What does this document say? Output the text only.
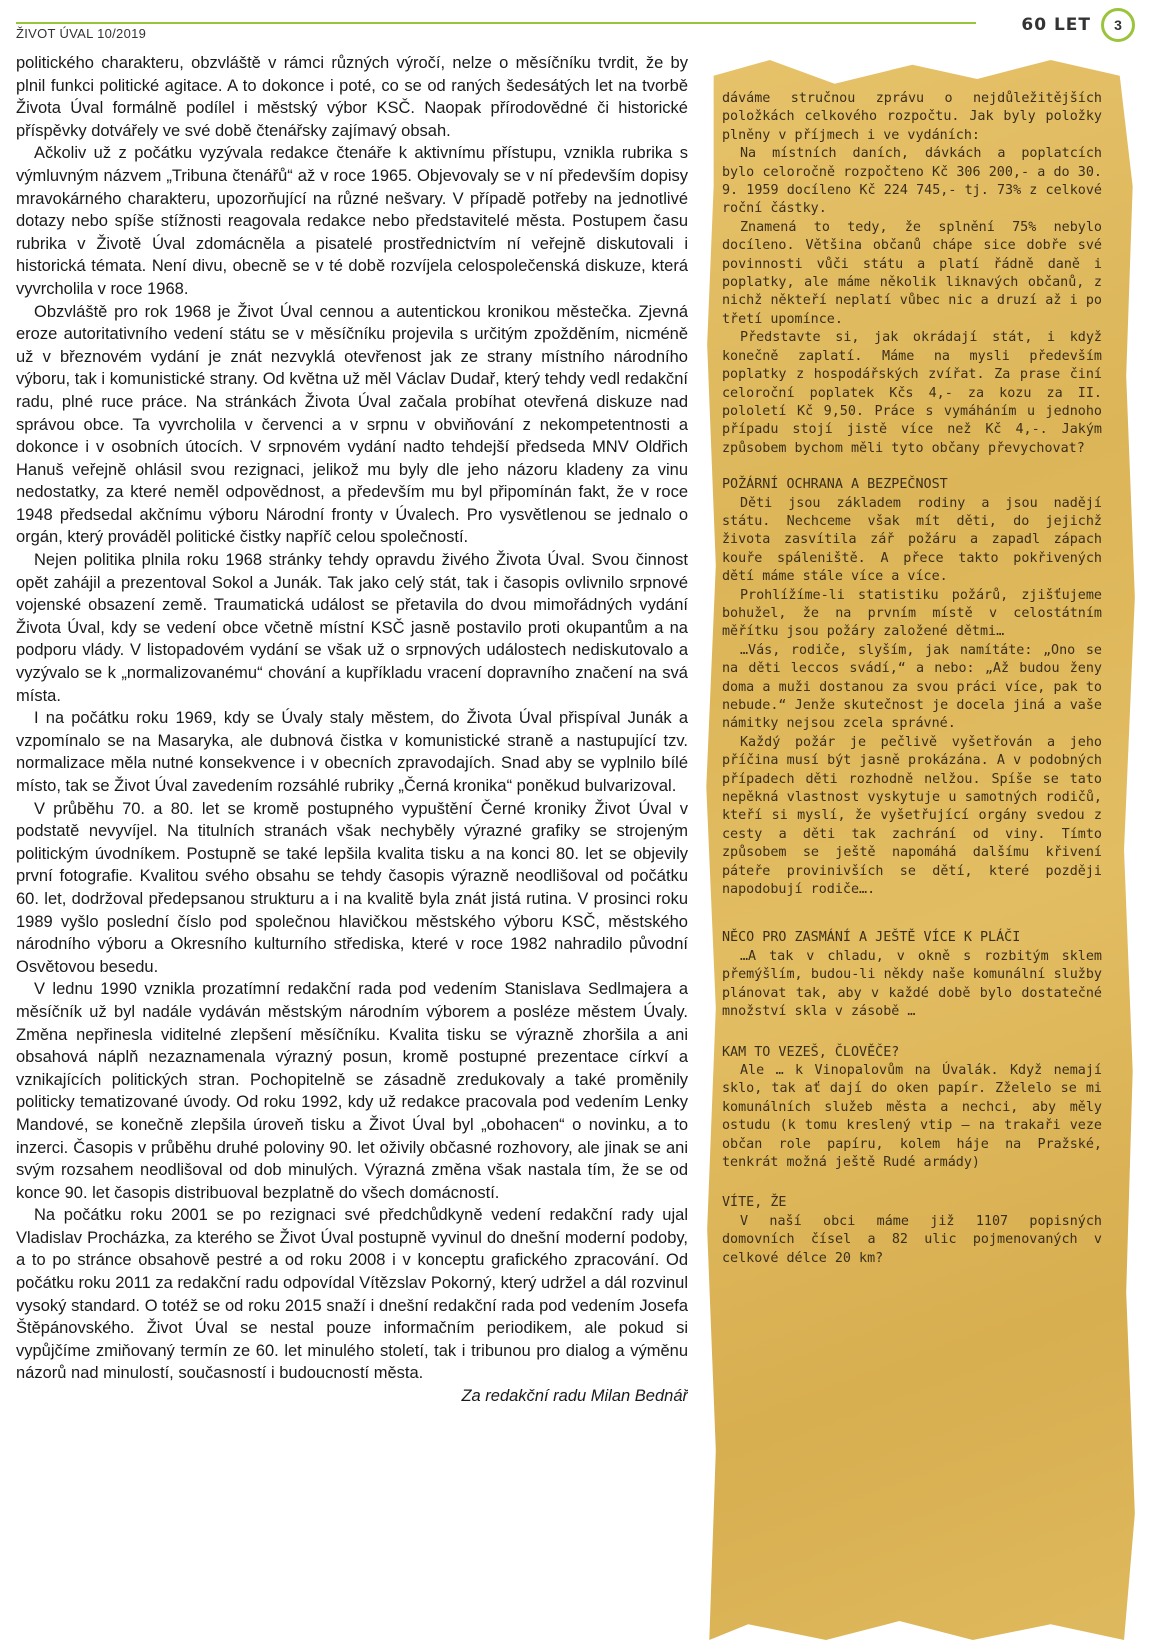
ŽIVOT ÚVAL 10/2019	60 LET	3

politického charakteru, obzvláště v rámci různých výročí, nelze o měsíčníku tvrdit, že by plnil funkci politické agitace. A to dokonce i poté, co se od raných šedesátých let na tvorbě Života Úval formálně podílel i městský výbor KSČ. Naopak přírodovědné či historické příspěvky dotvářely ve své době čtenářsky zajímavý obsah.

Ačkoliv už z počátku vyzývala redakce čtenáře k aktivnímu přístupu, vznikla rubrika s výmluvným názvem „Tribuna čtenářů“ až v roce 1965. Objevovaly se v ní především dopisy mravokárného charakteru, upozorňující na různé nešvary. V případě potřeby na jednotlivé dotazy nebo spíše stížnosti reagovala redakce nebo představitelé města. Postupem času rubrika v Životě Úval zdomácněla a pisatelé prostřednictvím ní veřejně diskutovali i historická témata. Není divu, obecně se v té době rozvíjela celospolečenská diskuze, která vyvrcholila v roce 1968.

Obzvláště pro rok 1968 je Život Úval cennou a autentickou kronikou městečka. Zjevná eroze autoritativního vedení státu se v měsíčníku projevila s určitým zpožděním, nicméně už v březnovém vydání je znát nezvyklá otevřenost jak ze strany místního národního výboru, tak i komunistické strany. Od května už měl Václav Dudař, který tehdy vedl redakční radu, plné ruce práce. Na stránkách Života Úval začala probíhat otevřená diskuze nad správou obce. Ta vyvrcholila v červenci a v srpnu v obviňování z nekompetentnosti a dokonce i v osobních útocích. V srpnovém vydání nadto tehdejší předseda MNV Oldřich Hanuš veřejně ohlásil svou rezignaci, jelikož mu byly dle jeho názoru kladeny za vinu nedostatky, za které neměl odpovědnost, a především mu byl připomínán fakt, že v roce 1948 předsedal akčnímu výboru Národní fronty v Úvalech. Pro vysvětlenou se jednalo o orgán, který prováděl politické čistky napříč celou společností.

Nejen politika plnila roku 1968 stránky tehdy opravdu živého Života Úval. Svou činnost opět zahájil a prezentoval Sokol a Junák. Tak jako celý stát, tak i časopis ovlivnilo srpnové vojenské obsazení země. Traumatická událost se přetavila do dvou mimořádných vydání Života Úval, kdy se vedení obce včetně místní KSČ jasně postavilo proti okupantům a na podporu vlády. V listopadovém vydání se však už o srpnových událostech nediskutovalo a vyzývalo se k „normalizovanému“ chování a kupříkladu vracení dopravního značení na svá místa.

I na počátku roku 1969, kdy se Úvaly staly městem, do Života Úval přispíval Junák a vzpomínalo se na Masaryka, ale dubnová čistka v komunistické straně a nastupující tzv. normalizace měla nutné konsekvence i v obecních zpravodajích. Snad aby se vyplnilo bílé místo, tak se Život Úval zavedením rozsáhlé rubriky „Černá kronika“ poněkud bulvarizoval.

V průběhu 70. a 80. let se kromě postupného vypuštění Černé kroniky Život Úval v podstatě nevyvíjel. Na titulních stranách však nechyběly výrazné grafiky se strojeným politickým úvodníkem. Postupně se také lepšila kvalita tisku a na konci 80. let se objevily první fotografie. Kvalitou svého obsahu se tehdy časopis výrazně neodlišoval od počátku 60. let, dodržoval předepsanou strukturu a i na kvalitě byla znát jistá rutina. V prosinci roku 1989 vyšlo poslední číslo pod společnou hlavičkou městského výboru KSČ, městského národního výboru a Okresního kulturního střediska, které v roce 1982 nahradilo původní Osvětovou besedu.

V lednu 1990 vznikla prozatímní redakční rada pod vedením Stanislava Sedlmajera a měsíčník už byl nadále vydáván městským národním výborem a posléze městem Úvaly. Změna nepřinesla viditelné zlepšení měsíčníku. Kvalita tisku se výrazně zhoršila a ani obsahová náplň nezaznamenala výrazný posun, kromě postupné prezentace církví a vznikajících politických stran. Pochopitelně se zásadně zredukovaly a také proměnily politicky tematizované úvody. Od roku 1992, kdy už redakce pracovala pod vedením Lenky Mandové, se konečně zlepšila úroveň tisku a Život Úval byl „obohacen“ o novinku, a to inzerci. Časopis v průběhu druhé poloviny 90. let oživily občasné rozhovory, ale jinak se ani svým rozsahem neodlišoval od dob minulých. Výrazná změna však nastala tím, že se od konce 90. let časopis distribuoval bezplatně do všech domácností.

Na počátku roku 2001 se po rezignaci své předchůdkyně vedení redakční rady ujal Vladislav Procházka, za kterého se Život Úval postupně vyvinul do dnešní moderní podoby, a to po stránce obsahově pestré a od roku 2008 i v konceptu grafického zpracování. Od počátku roku 2011 za redakční radu odpovídal Vítězslav Pokorný, který udržel a dál rozvinul vysoký standard. O totéž se od roku 2015 snaží i dnešní redakční rada pod vedením Josefa Štěpánovského. Život Úval se nestal pouze informačním periodikem, ale pokud si vypůjčíme zmiňovaný termín ze 60. let minulého století, tak i tribunou pro dialog a výměnu názorů nad minulostí, současností i budoucností města.

Za redakční radu Milan Bednář

dáváme stručnou zprávu o nejdůležitějších položkách celkového rozpočtu. Jak byly položky plněny v příjmech i ve vydáních:

Na místních daních, dávkách a poplatcích bylo celoročně rozpočteno Kč 306 200,- a do 30. 9. 1959 docíleno Kč 224 745,- tj. 73% z celkové roční částky.

Znamená to tedy, že splnění 75% nebylo docíleno. Většina občanů chápe sice dobře své povinnosti vůči státu a platí řádně daně i poplatky, ale máme několik liknavých občanů, z nichž někteří neplatí vůbec nic a druzí až i po třetí upomínce.

Představte si, jak okrádají stát, i když konečně zaplatí. Máme na mysli především poplatky z hospodářských zvířat. Za prase činí celoroční poplatek Kčs 4,- za kozu za II. pololetí Kč 9,50. Práce s vymáháním u jednoho případu stojí jistě více než Kč 4,-. Jakým způsobem bychom měli tyto občany převychovat?

POŽÁRNÍ OCHRANA A BEZPEČNOST

Děti jsou základem rodiny a jsou nadějí státu. Nechceme však mít děti, do jejichž života zasvítila zář požáru a zapadl zápach kouře spáleniště. A přece takto pokřivených dětí máme stále více a více.

Prohlížíme-li statistiku požárů, zjišťujeme bohužel, že na prvním místě v celostátním měřítku jsou požáry založené dětmi…

…Vás, rodiče, slyším, jak namítáte: „Ono se na děti leccos svádí,“ a nebo: „Až budou ženy doma a muži dostanou za svou práci více, pak to nebude.“ Jenže skutečnost je docela jiná a vaše námitky nejsou zcela správné.

Každý požár je pečlivě vyšetřován a jeho příčina musí být jasně prokázána. A v podobných případech děti rozhodně nelžou. Spíše se tato nepěkná vlastnost vyskytuje u samotných rodičů, kteří si myslí, že vyšetřující orgány svedou z cesty a děti tak zachrání od viny. Tímto způsobem se ještě napomáhá dalšímu křivení páteře provinivších se dětí, které později napodobují rodiče….

NĚCO PRO ZASMÁNÍ A JEŠTĚ VÍCE K PLÁČI

…A tak v chladu, v okně s rozbitým sklem přemýšlím, budou-li někdy naše komunální služby plánovat tak, aby v každé době bylo dostatečné množství skla v zásobě …

KAM TO VEZEŠ, ČLOVĚČE?

Ale … k Vinopalovům na Úvalák. Když nemají sklo, tak ať dají do oken papír. Zželelo se mi komunálních služeb města a nechci, aby měly ostudu (k tomu kreslený vtip – na trakaři veze občan role papíru, kolem háje na Pražské, tenkrát možná ještě Rudé armády)

VÍTE, ŽE

V naší obci máme již 1107 popisných domovních čísel a 82 ulic pojmenovaných v celkové délce 20 km?
